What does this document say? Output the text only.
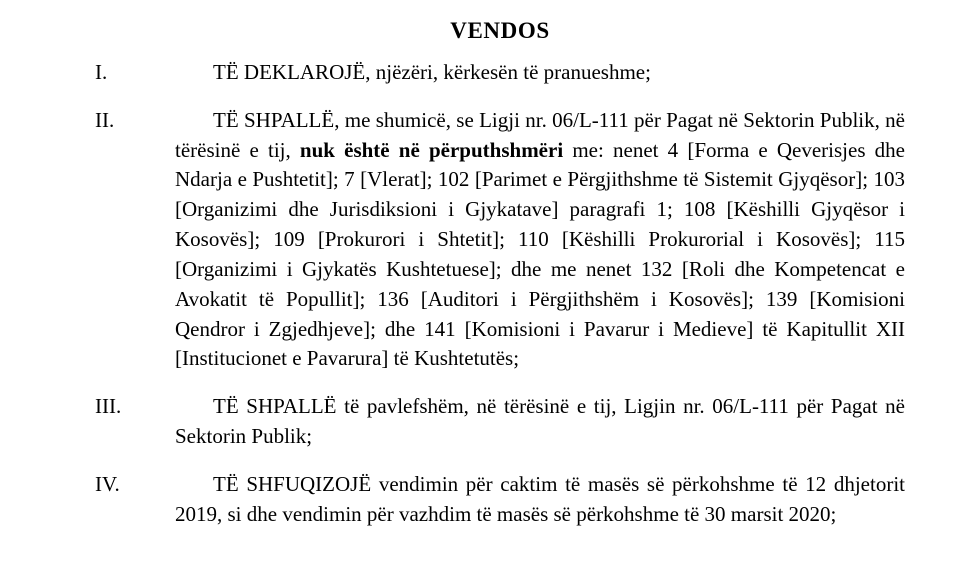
VENDOS
I.	TË DEKLAROJË, njëzëri, kërkesën të pranueshme;
II.	TË SHPALLË, me shumicë, se Ligji nr. 06/L-111 për Pagat në Sektorin Publik, në tërësinë e tij, nuk është në përputhshmëri me: nenet 4 [Forma e Qeverisjes dhe Ndarja e Pushtetit]; 7 [Vlerat]; 102 [Parimet e Përgjithshme të Sistemit Gjyqësor]; 103 [Organizimi dhe Jurisdiksioni i Gjykatave] paragrafi 1; 108 [Këshilli Gjyqësor i Kosovës]; 109 [Prokurori i Shtetit]; 110 [Këshilli Prokurorial i Kosovës]; 115 [Organizimi i Gjykatës Kushtetuese]; dhe me nenet 132 [Roli dhe Kompetencat e Avokatit të Popullit]; 136 [Auditori i Përgjithshëm i Kosovës]; 139 [Komisioni Qendror i Zgjedhjeve]; dhe 141 [Komisioni i Pavarur i Medieve] të Kapitullit XII [Institucionet e Pavarura] të Kushtetutës;
III.	TË SHPALLË të pavlefshëm, në tërësinë e tij, Ligjin nr. 06/L-111 për Pagat në Sektorin Publik;
IV.	TË SHFUQIZOJË vendimin për caktim të masës së përkohshme të 12 dhjetorit 2019, si dhe vendimin për vazhdim të masës së përkohshme të 30 marsit 2020;
